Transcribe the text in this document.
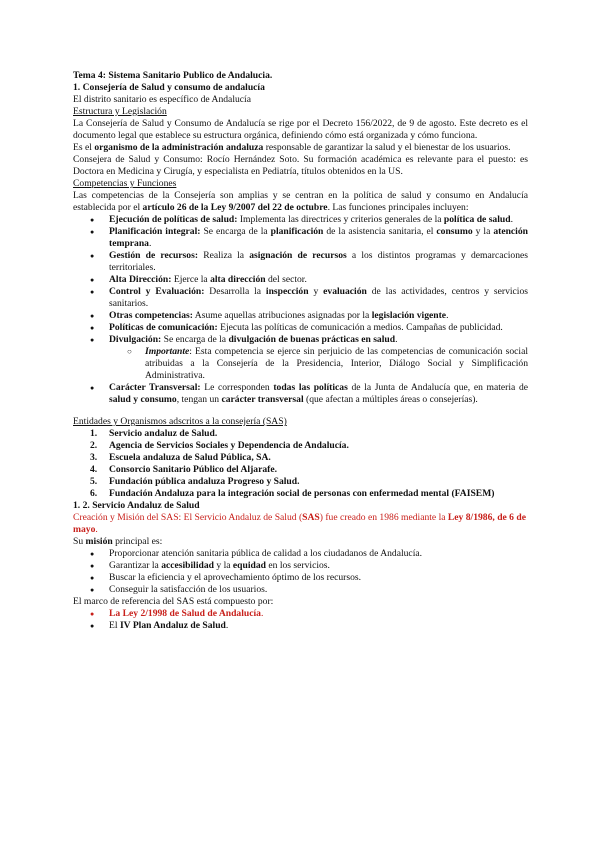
Tema 4: Sistema Sanitario Publico de Andalucia.

1. Consejería de Salud y consumo de andalucía

El distrito sanitario es específico de Andalucía

Estructura y Legislación

La Consejería de Salud y Consumo de Andalucía se rige por el Decreto 156/2022, de 9 de agosto. Este decreto es el documento legal que establece su estructura orgánica, definiendo cómo está organizada y cómo funciona.

Es el organismo de la administración andaluza responsable de garantizar la salud y el bienestar de los usuarios.

Consejera de Salud y Consumo: Rocío Hernández Soto. Su formación académica es relevante para el puesto: es Doctora en Medicina y Cirugía, y especialista en Pediatría, títulos obtenidos en la US.

Competencias y Funciones

Las competencias de la Consejería son amplias y se centran en la política de salud y consumo en Andalucía establecida por el artículo 26 de la Ley 9/2007 del 22 de octubre. Las funciones principales incluyen:

● Ejecución de políticas de salud: Implementa las directrices y criterios generales de la política de salud.
● Planificación integral: Se encarga de la planificación de la asistencia sanitaria, el consumo y la atención temprana.
● Gestión de recursos: Realiza la asignación de recursos a los distintos programas y demarcaciones territoriales.
● Alta Dirección: Ejerce la alta dirección del sector.
● Control y Evaluación: Desarrolla la inspección y evaluación de las actividades, centros y servicios sanitarios.
● Otras competencias: Asume aquellas atribuciones asignadas por la legislación vigente.
● Políticas de comunicación: Ejecuta las políticas de comunicación a medios. Campañas de publicidad.
● Divulgación: Se encarga de la divulgación de buenas prácticas en salud.
○ Importante: Esta competencia se ejerce sin perjuicio de las competencias de comunicación social atribuidas a la Consejería de la Presidencia, Interior, Diálogo Social y Simplificación Administrativa.
● Carácter Transversal: Le corresponden todas las políticas de la Junta de Andalucía que, en materia de salud y consumo, tengan un carácter transversal (que afectan a múltiples áreas o consejerías).

Entidades y Organismos adscritos a la consejería (SAS)

1. Servicio andaluz de Salud.
2. Agencia de Servicios Sociales y Dependencia de Andalucía.
3. Escuela andaluza de Salud Pública, SA.
4. Consorcio Sanitario Público del Aljarafe.
5. Fundación pública andaluza Progreso y Salud.
6. Fundación Andaluza para la integración social de personas con enfermedad mental (FAISEM)

1. 2. Servicio Andaluz de Salud

Creación y Misión del SAS: El Servicio Andaluz de Salud (SAS) fue creado en 1986 mediante la Ley 8/1986, de 6 de mayo.

Su misión principal es:

● Proporcionar atención sanitaria pública de calidad a los ciudadanos de Andalucía.
● Garantizar la accesibilidad y la equidad en los servicios.
● Buscar la eficiencia y el aprovechamiento óptimo de los recursos.
● Conseguir la satisfacción de los usuarios.

El marco de referencia del SAS está compuesto por:

● La Ley 2/1998 de Salud de Andalucía.
● El IV Plan Andaluz de Salud.
